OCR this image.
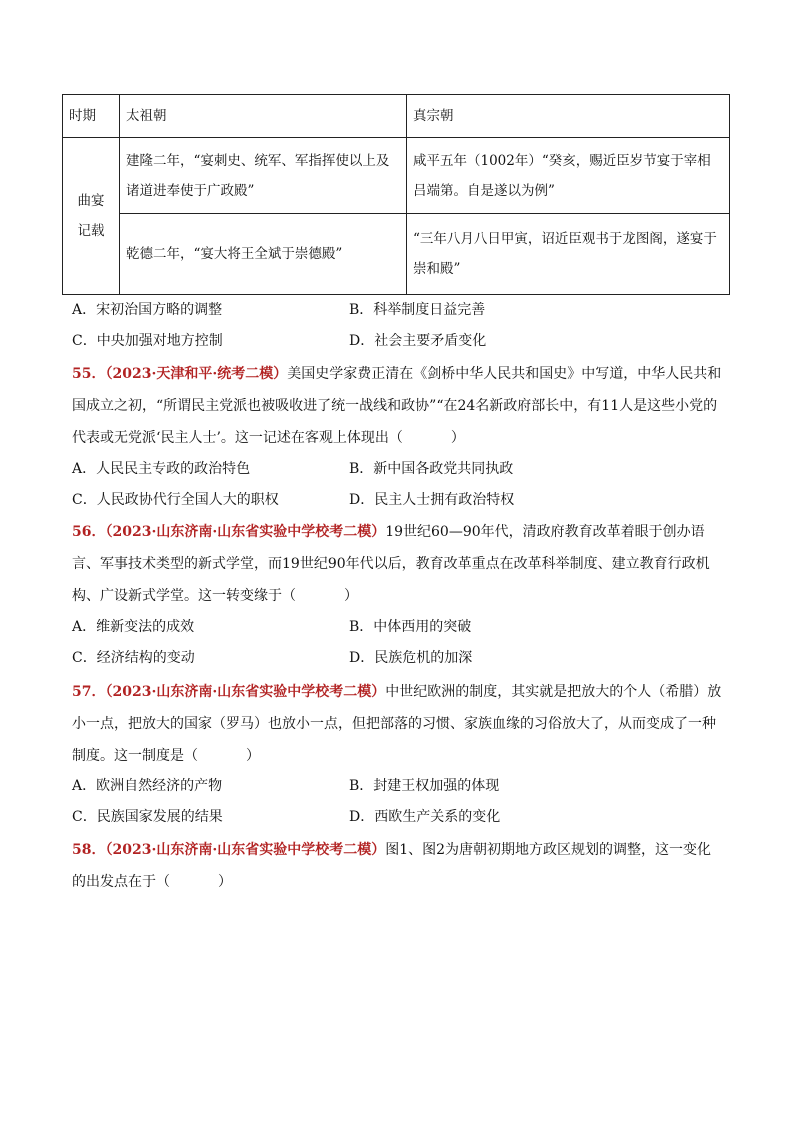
时期	太祖朝	真宗朝
曲宴
记载	建隆二年，“宴刺史、统军、军指挥使以上及诸道进奉使于广政殿”	咸平五年（1002年）“癸亥，赐近臣岁节宴于宰相吕端第。自是遂以为例”
	乾德二年，“宴大将王全斌于崇德殿”	“三年八月八日甲寅，诏近臣观书于龙图阁，遂宴于崇和殿”
A．宋初治国方略的调整	B．科举制度日益完善
C．中央加强对地方控制	D．社会主要矛盾变化
55．（2023·天津和平·统考二模）美国史学家费正清在《剑桥中华人民共和国史》中写道，中华人民共和国成立之初，“所谓民主党派也被吸收进了统一战线和政协”“在24名新政府部长中，有11人是这些小党的代表或无党派‘民主人士’。这一记述在客观上体现出（	）
A．人民民主专政的政治特色	B．新中国各政党共同执政
C．人民政协代行全国人大的职权	D．民主人士拥有政治特权
56．（2023·山东济南·山东省实验中学校考二模）19世纪60—90年代，清政府教育改革着眼于创办语言、军事技术类型的新式学堂，而19世纪90年代以后，教育改革重点在改革科举制度、建立教育行政机构、广设新式学堂。这一转变缘于（	）
A．维新变法的成效	B．中体西用的突破
C．经济结构的变动	D．民族危机的加深
57．（2023·山东济南·山东省实验中学校考二模）中世纪欧洲的制度，其实就是把放大的个人（希腊）放小一点，把放大的国家（罗马）也放小一点，但把部落的习惯、家族血缘的习俗放大了，从而变成了一种制度。这一制度是（	）
A．欧洲自然经济的产物	B．封建王权加强的体现
C．民族国家发展的结果	D．西欧生产关系的变化
58．（2023·山东济南·山东省实验中学校考二模）图1、图2为唐朝初期地方政区规划的调整，这一变化的出发点在于（	）
